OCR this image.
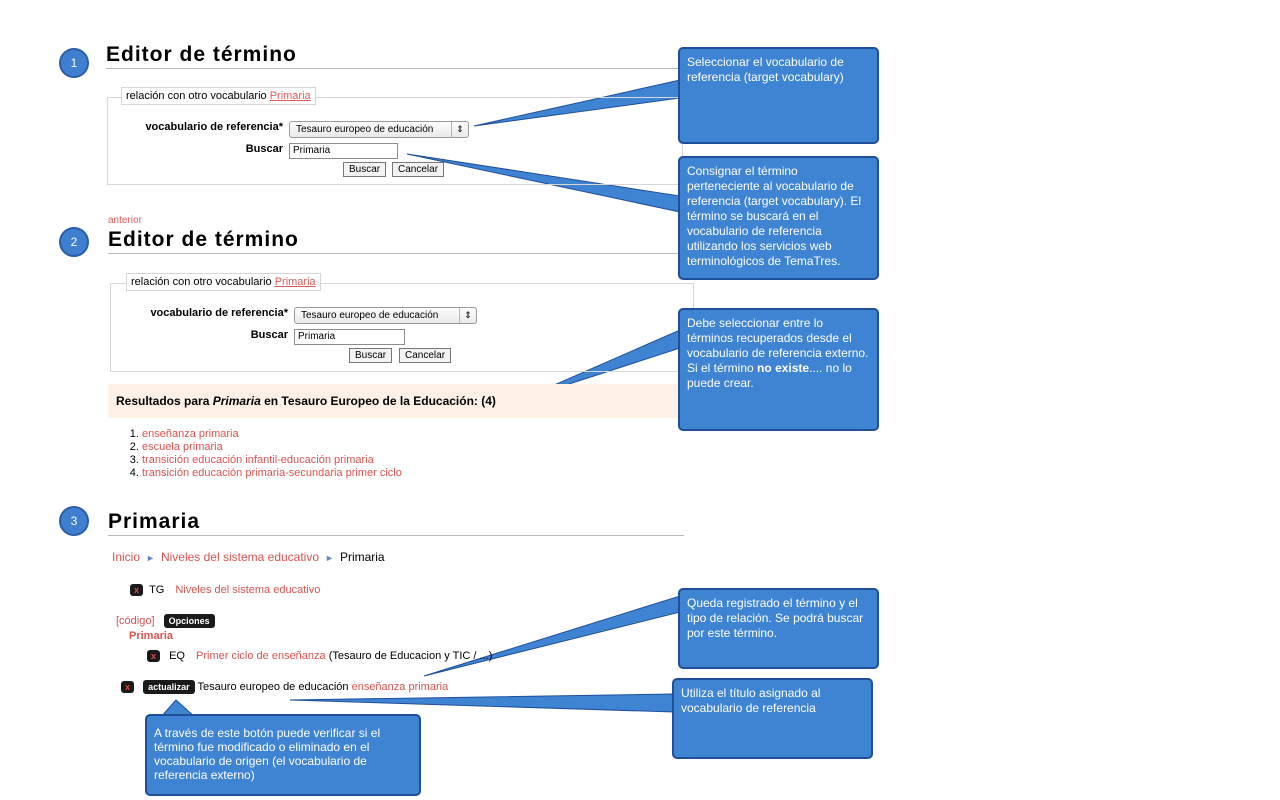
1 Editor de término
relación con otro vocabulario Primaria
vocabulario de referencia*	Tesauro europeo de educación	⇕
Buscar	Primaria
Buscar	Cancelar
anterior
2 Editor de término
relación con otro vocabulario Primaria
vocabulario de referencia*	Tesauro europeo de educación	⇕
Buscar	Primaria
Buscar	Cancelar
Resultados para Primaria en Tesauro Europeo de la Educación: (4)
1. enseñanza primaria
2. escuela primaria
3. transición educación infantil-educación primaria
4. transición educación primaria-secundaria primer ciclo
3 Primaria
Inicio ► Niveles del sistema educativo ► Primaria
x TG Niveles del sistema educativo
[código] Opciones
Primaria
x EQ Primer ciclo de enseñanza (Tesauro de Educacion y TIC / ...)
x actualizar Tesauro europeo de educación enseñanza primaria
Seleccionar el vocabulario de referencia (target vocabulary)
Consignar el término perteneciente al vocabulario de referencia (target vocabulary). El término se buscará en el vocabulario de referencia utilizando los servicios web terminológicos de TemaTres.
Debe seleccionar entre lo términos recuperados desde el vocabulario de referencia externo. Si el término no existe.... no lo puede crear.
Queda registrado el término y el tipo de relación. Se podrá buscar por este término.
Utiliza el título asignado al vocabulario de referencia
A través de este botón puede verificar si el término fue modificado o eliminado en el vocabulario de origen (el vocabulario de referencia externo)
